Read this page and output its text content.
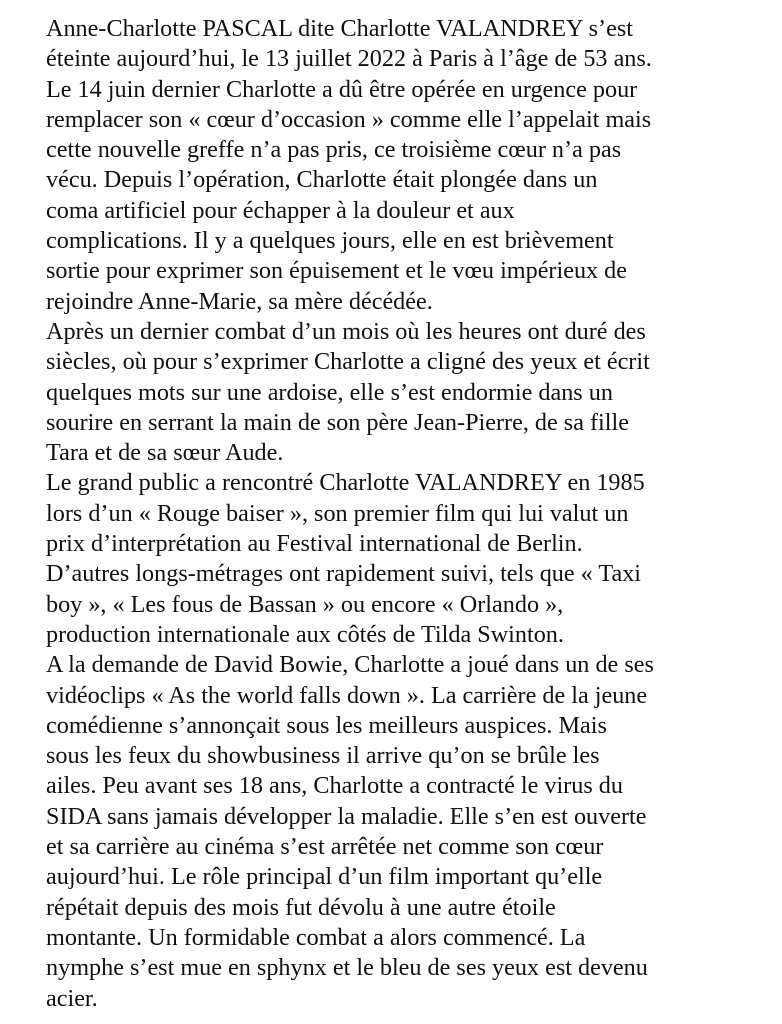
Anne-Charlotte PASCAL dite Charlotte VALANDREY s’est
éteinte aujourd’hui, le 13 juillet 2022 à Paris à l’âge de 53 ans.
Le 14 juin dernier Charlotte a dû être opérée en urgence pour
remplacer son « cœur d’occasion » comme elle l’appelait mais
cette nouvelle greffe n’a pas pris, ce troisième cœur n’a pas
vécu. Depuis l’opération, Charlotte était plongée dans un
coma artificiel pour échapper à la douleur et aux
complications. Il y a quelques jours, elle en est brièvement
sortie pour exprimer son épuisement et le vœu impérieux de
rejoindre Anne-Marie, sa mère décédée.
Après un dernier combat d’un mois où les heures ont duré des
siècles, où pour s’exprimer Charlotte a cligné des yeux et écrit
quelques mots sur une ardoise, elle s’est endormie dans un
sourire en serrant la main de son père Jean-Pierre, de sa fille
Tara et de sa sœur Aude.
Le grand public a rencontré Charlotte VALANDREY en 1985
lors d’un « Rouge baiser », son premier film qui lui valut un
prix d’interprétation au Festival international de Berlin.
D’autres longs-métrages ont rapidement suivi, tels que « Taxi
boy », « Les fous de Bassan » ou encore « Orlando »,
production internationale aux côtés de Tilda Swinton.
A la demande de David Bowie, Charlotte a joué dans un de ses
vidéoclips « As the world falls down ». La carrière de la jeune
comédienne s’annonçait sous les meilleurs auspices. Mais
sous les feux du showbusiness il arrive qu’on se brûle les
ailes. Peu avant ses 18 ans, Charlotte a contracté le virus du
SIDA sans jamais développer la maladie. Elle s’en est ouverte
et sa carrière au cinéma s’est arrêtée net comme son cœur
aujourd’hui. Le rôle principal d’un film important qu’elle
répétait depuis des mois fut dévolu à une autre étoile
montante. Un formidable combat a alors commencé. La
nymphe s’est mue en sphynx et le bleu de ses yeux est devenu
acier.
